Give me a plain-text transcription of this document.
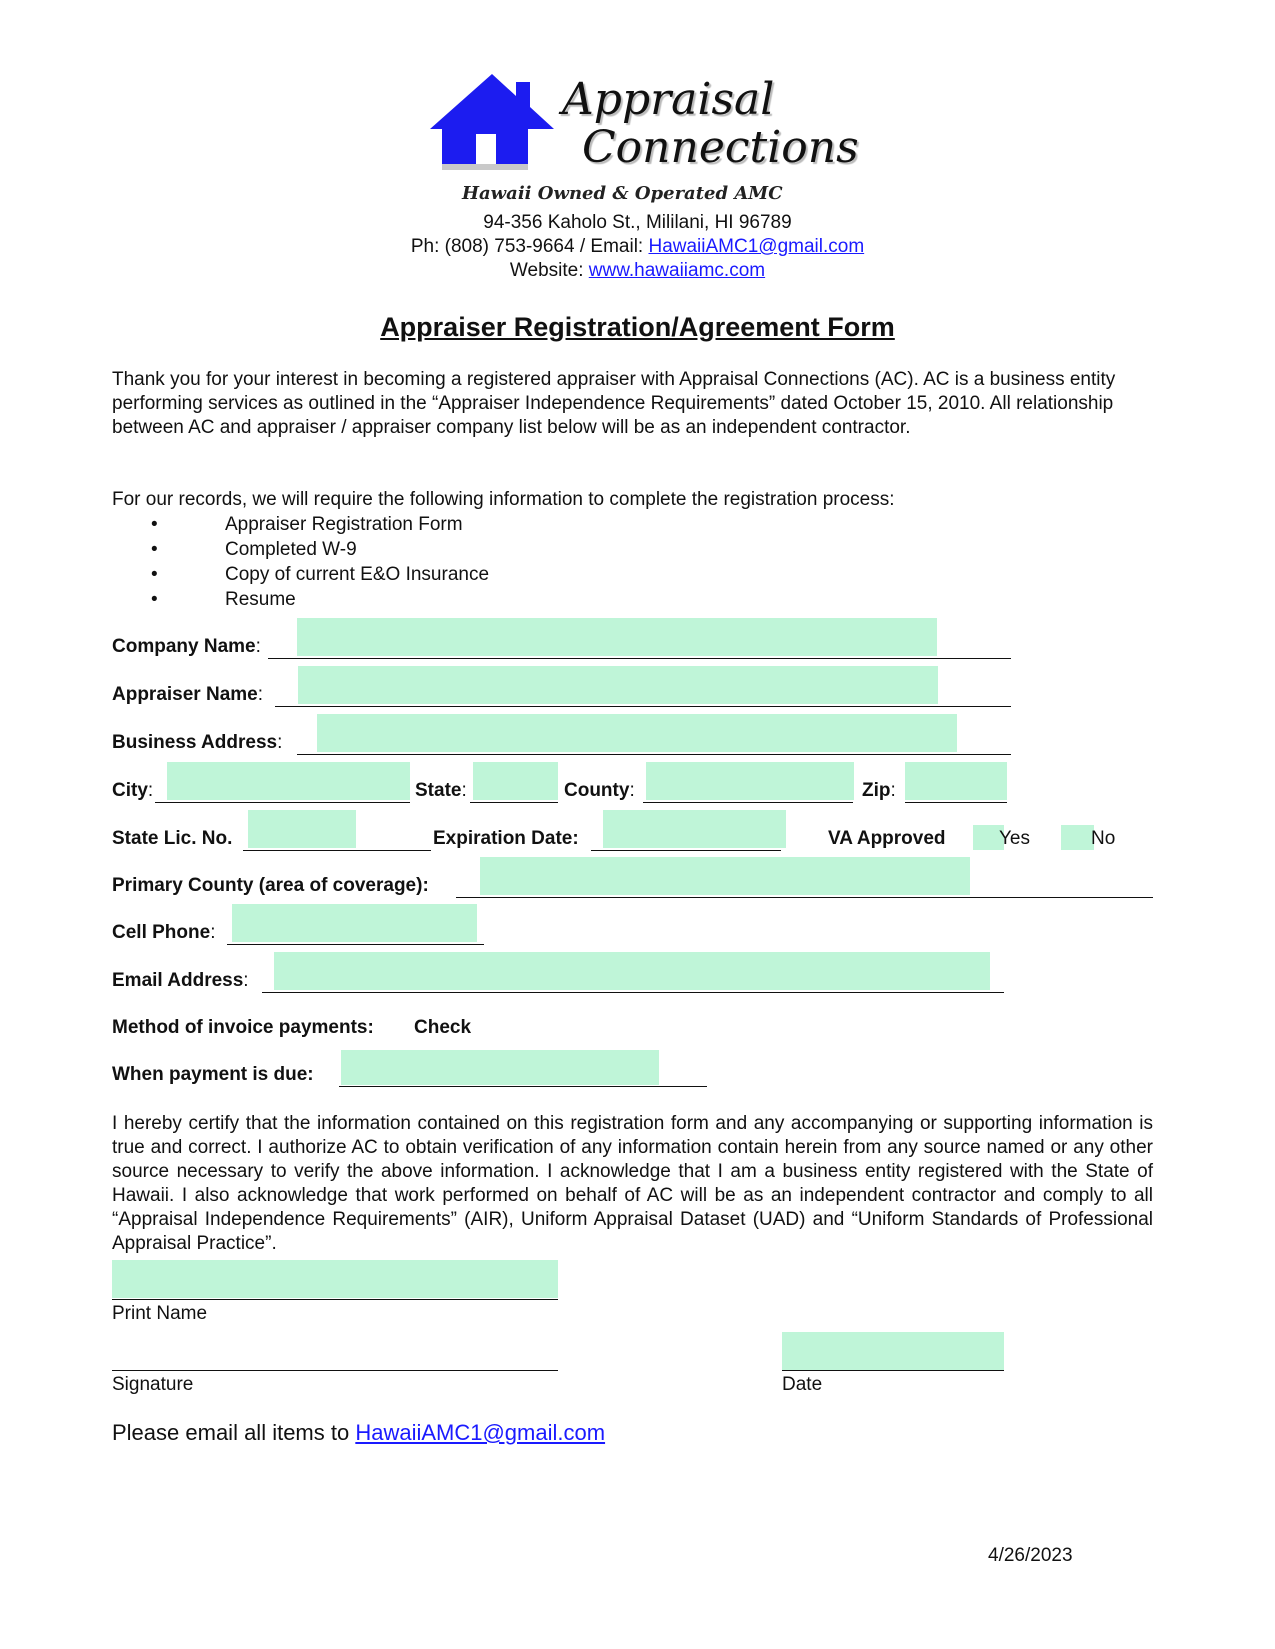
Appraisal
Connections
Hawaii Owned & Operated AMC
94-356 Kaholo St., Mililani, HI 96789
Ph: (808) 753-9664 / Email: HawaiiAMC1@gmail.com
Website: www.hawaiiamc.com
Appraiser Registration/Agreement Form
Thank you for your interest in becoming a registered appraiser with Appraisal Connections (AC). AC is a business entity performing services as outlined in the “Appraiser Independence Requirements” dated October 15, 2010. All relationship between AC and appraiser / appraiser company list below will be as an independent contractor.
For our records, we will require the following information to complete the registration process:
•	Appraiser Registration Form
•	Completed W-9
•	Copy of current E&O Insurance
•	Resume
Company Name:
Appraiser Name:
Business Address:
City:	State:	County:	Zip:
State Lic. No.	Expiration Date:	VA Approved	Yes	No
Primary County (area of coverage):
Cell Phone:
Email Address:
Method of invoice payments: Check
When payment is due:
I hereby certify that the information contained on this registration form and any accompanying or supporting information is true and correct. I authorize AC to obtain verification of any information contain herein from any source named or any other source necessary to verify the above information. I acknowledge that I am a business entity registered with the State of Hawaii. I also acknowledge that work performed on behalf of AC will be as an independent contractor and comply to all “Appraisal Independence Requirements” (AIR), Uniform Appraisal Dataset (UAD) and “Uniform Standards of Professional Appraisal Practice”.
Print Name
Signature	Date
Please email all items to HawaiiAMC1@gmail.com
4/26/2023
